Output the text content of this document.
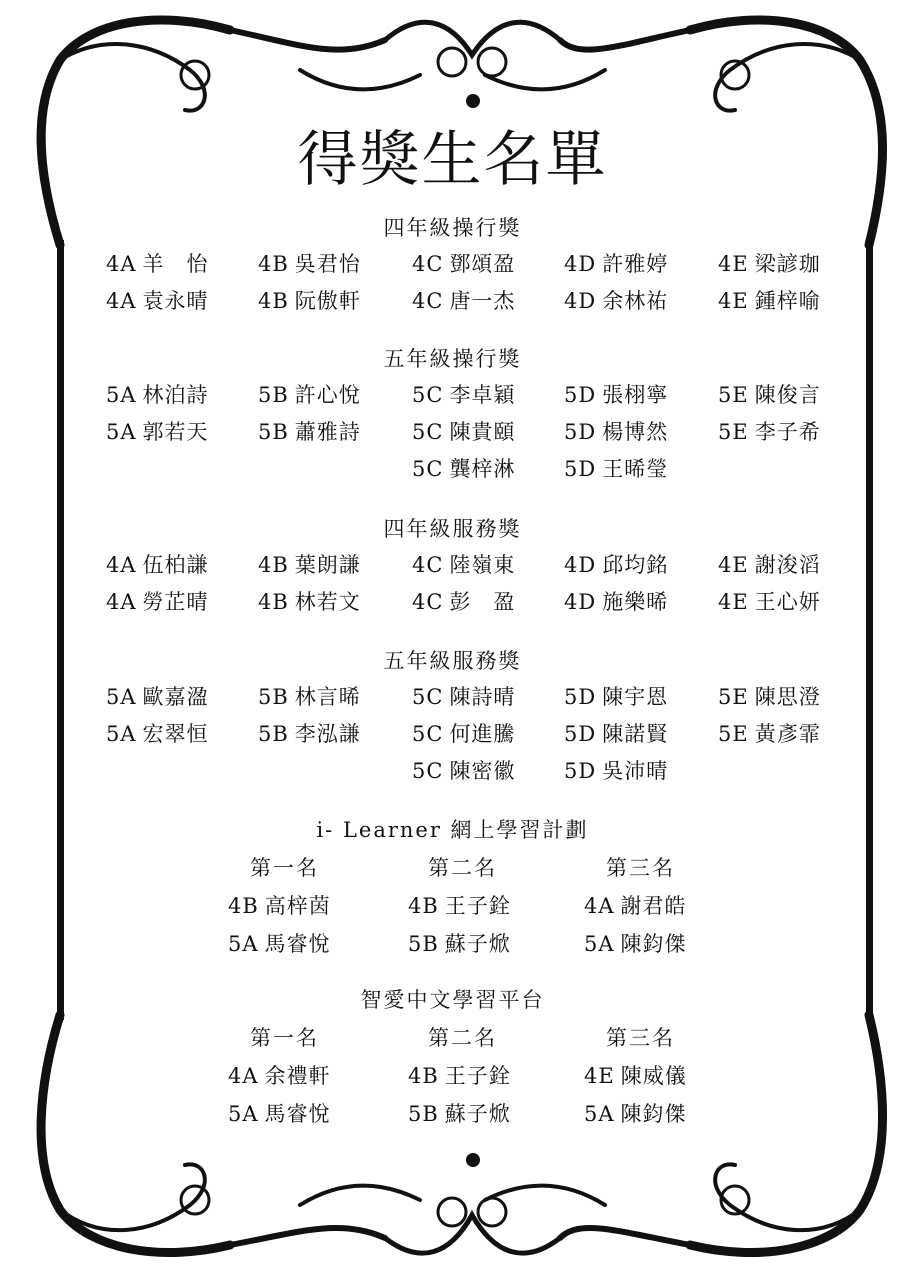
得獎生名單
四年級操行獎
4A 羊　怡 4B 吳君怡 4C 鄧頌盈 4D 許雅婷 4E 梁諺珈
4A 袁永晴 4B 阮傲軒 4C 唐一杰 4D 余林祐 4E 鍾梓喻
五年級操行獎
5A 林泊詩 5B 許心悅 5C 李卓穎 5D 張栩寧 5E 陳俊言
5A 郭若天 5B 蕭雅詩 5C 陳貴頤 5D 楊博然 5E 李子希
5C 龔梓淋 5D 王晞瑩
四年級服務獎
4A 伍柏謙 4B 葉朗謙 4C 陸嶺東 4D 邱均銘 4E 謝浚滔
4A 勞芷晴 4B 林若文 4C 彭　盈 4D 施樂晞 4E 王心妍
五年級服務獎
5A 歐嘉溋 5B 林言晞 5C 陳詩晴 5D 陳宇恩 5E 陳思澄
5A 宏翠恒 5B 李泓謙 5C 何進騰 5D 陳諾賢 5E 黃彥霏
5C 陳密徽 5D 吳沛晴
i- Learner 網上學習計劃
第一名	第二名	第三名
4B 高梓茵	4B 王子銓	4A 謝君皓
5A 馬睿悅	5B 蘇子焮	5A 陳鈞傑
智愛中文學習平台
第一名	第二名	第三名
4A 余禮軒	4B 王子銓	4E 陳威儀
5A 馬睿悅	5B 蘇子焮	5A 陳鈞傑
